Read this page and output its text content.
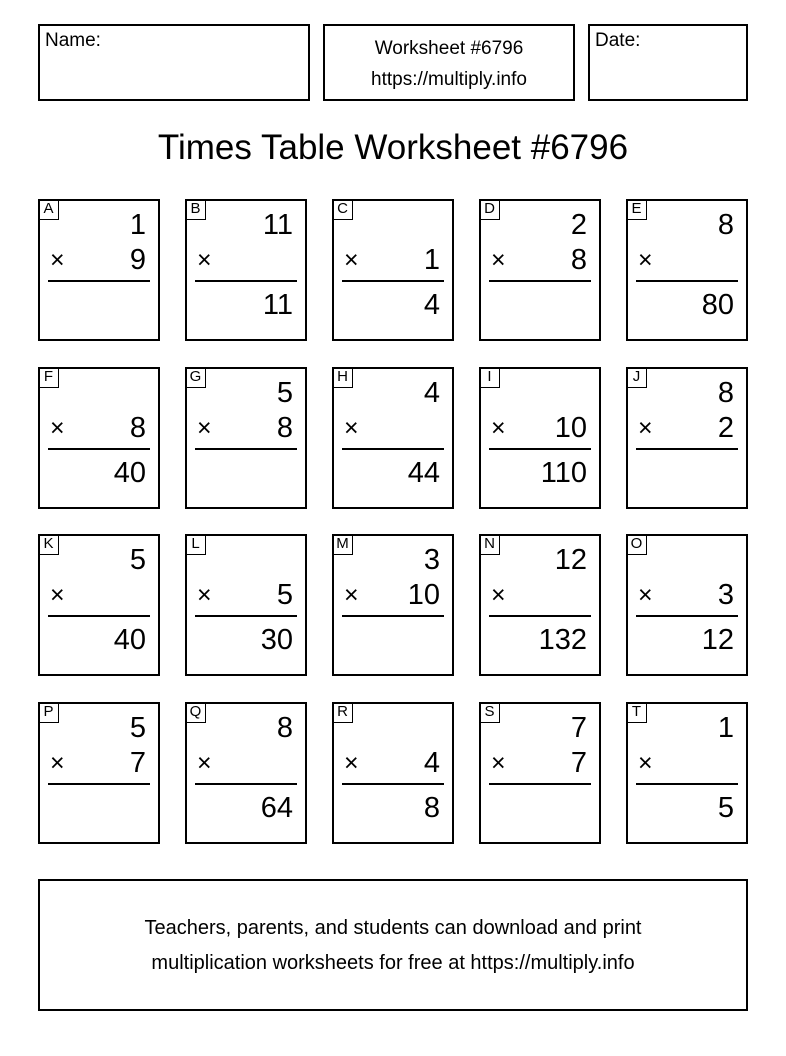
Name:	Worksheet #6796
https://multiply.info
Date:
Times Table Worksheet #6796
A
1
× 9
B
11
×
11
C
× 1
4
D
2
× 8
E
8
×
80
F
× 8
40
G
5
× 8
H
4
×
44
I
× 10
110
J
8
× 2
K
5
×
40
L
× 5
30
M
3
× 10
N
12
×
132
O
× 3
12
P
5
× 7
Q
8
×
64
R
× 4
8
S
7
× 7
T
1
×
5
Teachers, parents, and students can download and print
multiplication worksheets for free at https://multiply.info
